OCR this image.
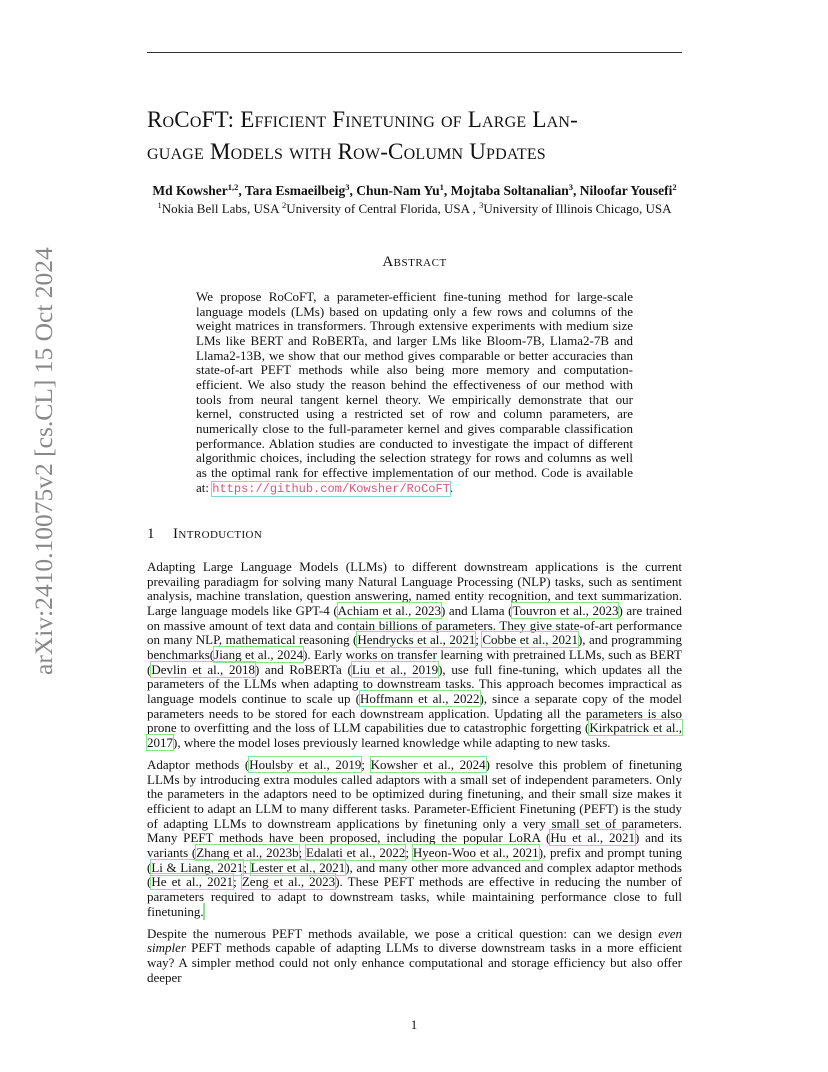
arXiv:2410.10075v2 [cs.CL] 15 Oct 2024
RoCoFT: Efficient Finetuning of Large Lan-
guage Models with Row-Column Updates
Md Kowsher$^{1,2}$, Tara Esmaeilbeig$^3$, Chun-Nam Yu$^1$, Mojtaba Soltanalian$^3$, Niloofar Yousefi$^2$
$^1$Nokia Bell Labs, USA $^2$University of Central Florida, USA , $^3$University of Illinois Chicago, USA
Abstract
We propose RoCoFT, a parameter-efficient fine-tuning method for large-scale language models (LMs) based on updating only a few rows and columns of the weight matrices in transformers. Through extensive experiments with medium size LMs like BERT and RoBERTa, and larger LMs like Bloom-7B, Llama2-7B and Llama2-13B, we show that our method gives comparable or better accuracies than state-of-art PEFT methods while also being more memory and computation-efficient. We also study the reason behind the effectiveness of our method with tools from neural tangent kernel theory. We empirically demonstrate that our kernel, constructed using a restricted set of row and column parameters, are numerically close to the full-parameter kernel and gives comparable classification performance. Ablation studies are conducted to investigate the impact of different algorithmic choices, including the selection strategy for rows and columns as well as the optimal rank for effective implementation of our method. Code is available at: https://github.com/Kowsher/RoCoFT.
1 Introduction

Adapting Large Language Models (LLMs) to different downstream applications is the current prevailing paradiagm for solving many Natural Language Processing (NLP) tasks, such as sentiment analysis, machine translation, question answering, named entity recognition, and text summarization. Large language models like GPT-4 (Achiam et al., 2023) and Llama (Touvron et al., 2023) are trained on massive amount of text data and contain billions of parameters. They give state-of-art performance on many NLP, mathematical reasoning (Hendrycks et al., 2021; Cobbe et al., 2021), and programming benchmarks(Jiang et al., 2024). Early works on transfer learning with pretrained LLMs, such as BERT (Devlin et al., 2018) and RoBERTa (Liu et al., 2019), use full fine-tuning, which updates all the parameters of the LLMs when adapting to downstream tasks. This approach becomes impractical as language models continue to scale up (Hoffmann et al., 2022), since a separate copy of the model parameters needs to be stored for each downstream application. Updating all the parameters is also prone to overfitting and the loss of LLM capabilities due to catastrophic forgetting (Kirkpatrick et al., 2017), where the model loses previously learned knowledge while adapting to new tasks.

Adaptor methods (Houlsby et al., 2019; Kowsher et al., 2024) resolve this problem of finetuning LLMs by introducing extra modules called adaptors with a small set of independent parameters. Only the parameters in the adaptors need to be optimized during finetuning, and their small size makes it efficient to adapt an LLM to many different tasks. Parameter-Efficient Finetuning (PEFT) is the study of adapting LLMs to downstream applications by finetuning only a very small set of parameters. Many PEFT methods have been proposed, including the popular LoRA (Hu et al., 2021) and its variants (Zhang et al., 2023b; Edalati et al., 2022; Hyeon-Woo et al., 2021), prefix and prompt tuning (Li & Liang, 2021; Lester et al., 2021), and many other more advanced and complex adaptor methods (He et al., 2021; Zeng et al., 2023). These PEFT methods are effective in reducing the number of parameters required to adapt to downstream tasks, while maintaining performance close to full finetuning.

Despite the numerous PEFT methods available, we pose a critical question: can we design even simpler PEFT methods capable of adapting LLMs to diverse downstream tasks in a more efficient way? A simpler method could not only enhance computational and storage efficiency but also offer deeper

1
